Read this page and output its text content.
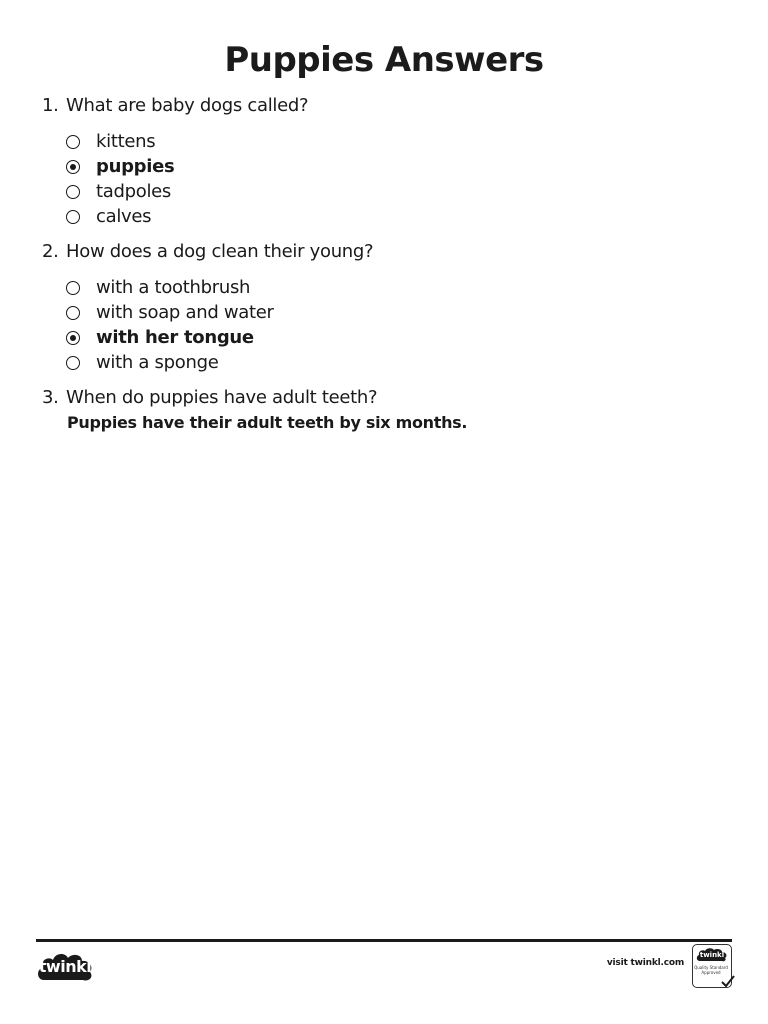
Puppies Answers
1. What are baby dogs called?
kittens
puppies
tadpoles
calves
2. How does a dog clean their young?
with a toothbrush
with soap and water
with her tongue
with a sponge
3. When do puppies have adult teeth?
Puppies have their adult teeth by six months.
twinkl	visit twinkl.com
twinkl
Quality Standard Approved
